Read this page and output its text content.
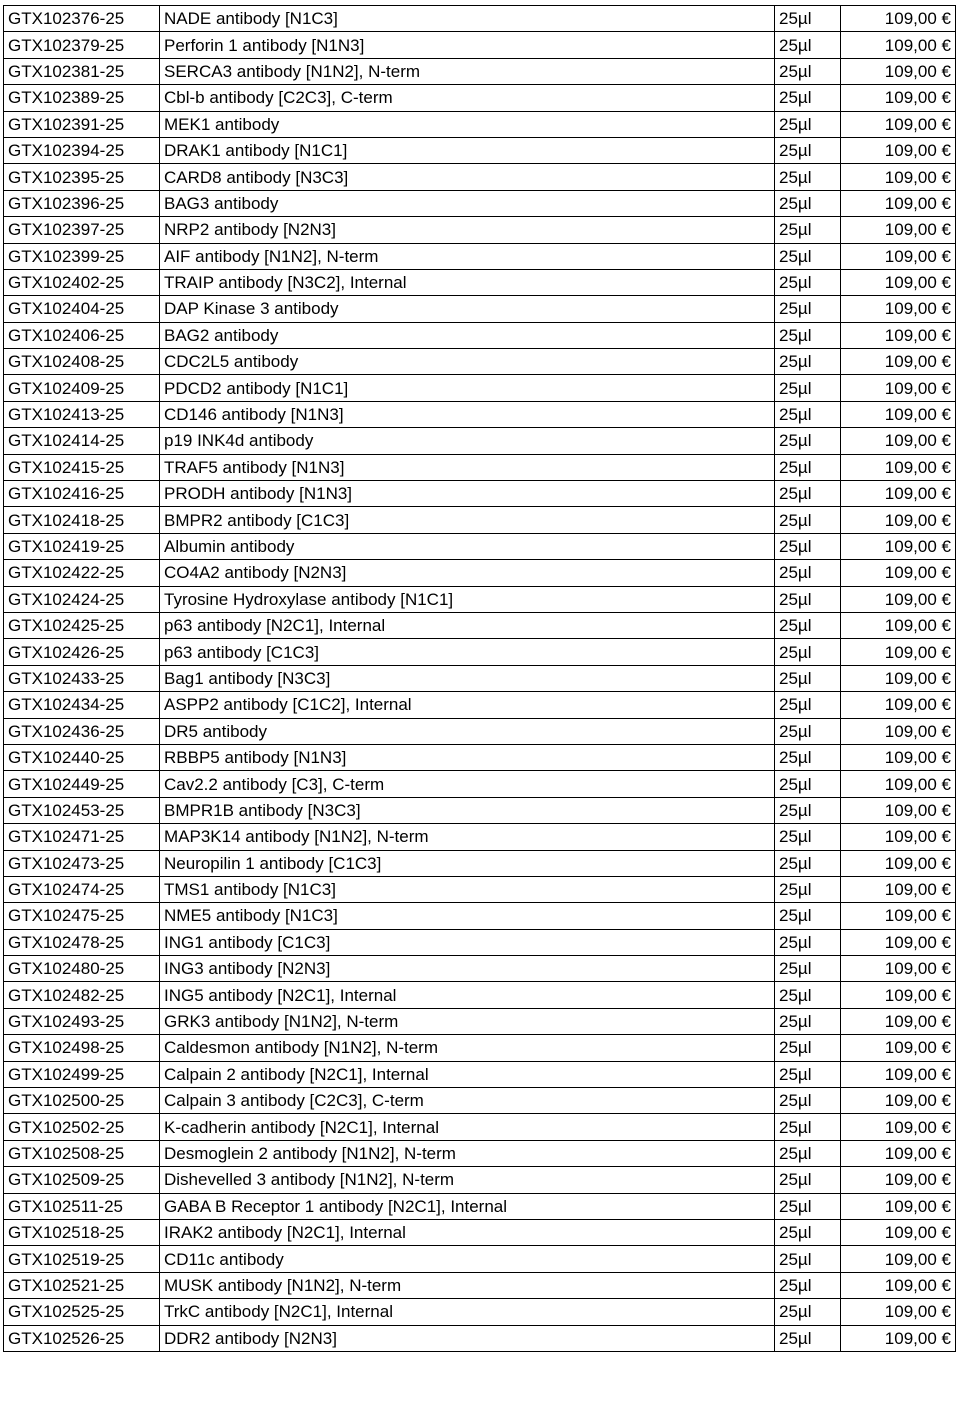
GTX102376-25	NADE antibody [N1C3]	25µl	109,00 €
GTX102379-25	Perforin 1 antibody [N1N3]	25µl	109,00 €
GTX102381-25	SERCA3 antibody [N1N2], N-term	25µl	109,00 €
GTX102389-25	Cbl-b antibody [C2C3], C-term	25µl	109,00 €
GTX102391-25	MEK1 antibody	25µl	109,00 €
GTX102394-25	DRAK1 antibody [N1C1]	25µl	109,00 €
GTX102395-25	CARD8 antibody [N3C3]	25µl	109,00 €
GTX102396-25	BAG3 antibody	25µl	109,00 €
GTX102397-25	NRP2 antibody [N2N3]	25µl	109,00 €
GTX102399-25	AIF antibody [N1N2], N-term	25µl	109,00 €
GTX102402-25	TRAIP antibody [N3C2], Internal	25µl	109,00 €
GTX102404-25	DAP Kinase 3 antibody	25µl	109,00 €
GTX102406-25	BAG2 antibody	25µl	109,00 €
GTX102408-25	CDC2L5 antibody	25µl	109,00 €
GTX102409-25	PDCD2 antibody [N1C1]	25µl	109,00 €
GTX102413-25	CD146 antibody [N1N3]	25µl	109,00 €
GTX102414-25	p19 INK4d antibody	25µl	109,00 €
GTX102415-25	TRAF5 antibody [N1N3]	25µl	109,00 €
GTX102416-25	PRODH antibody [N1N3]	25µl	109,00 €
GTX102418-25	BMPR2 antibody [C1C3]	25µl	109,00 €
GTX102419-25	Albumin antibody	25µl	109,00 €
GTX102422-25	CO4A2 antibody [N2N3]	25µl	109,00 €
GTX102424-25	Tyrosine Hydroxylase antibody [N1C1]	25µl	109,00 €
GTX102425-25	p63 antibody [N2C1], Internal	25µl	109,00 €
GTX102426-25	p63 antibody [C1C3]	25µl	109,00 €
GTX102433-25	Bag1 antibody [N3C3]	25µl	109,00 €
GTX102434-25	ASPP2 antibody [C1C2], Internal	25µl	109,00 €
GTX102436-25	DR5 antibody	25µl	109,00 €
GTX102440-25	RBBP5 antibody [N1N3]	25µl	109,00 €
GTX102449-25	Cav2.2 antibody [C3], C-term	25µl	109,00 €
GTX102453-25	BMPR1B antibody [N3C3]	25µl	109,00 €
GTX102471-25	MAP3K14 antibody [N1N2], N-term	25µl	109,00 €
GTX102473-25	Neuropilin 1 antibody [C1C3]	25µl	109,00 €
GTX102474-25	TMS1 antibody [N1C3]	25µl	109,00 €
GTX102475-25	NME5 antibody [N1C3]	25µl	109,00 €
GTX102478-25	ING1 antibody [C1C3]	25µl	109,00 €
GTX102480-25	ING3 antibody [N2N3]	25µl	109,00 €
GTX102482-25	ING5 antibody [N2C1], Internal	25µl	109,00 €
GTX102493-25	GRK3 antibody [N1N2], N-term	25µl	109,00 €
GTX102498-25	Caldesmon antibody [N1N2], N-term	25µl	109,00 €
GTX102499-25	Calpain 2 antibody [N2C1], Internal	25µl	109,00 €
GTX102500-25	Calpain 3 antibody [C2C3], C-term	25µl	109,00 €
GTX102502-25	K-cadherin antibody [N2C1], Internal	25µl	109,00 €
GTX102508-25	Desmoglein 2 antibody [N1N2], N-term	25µl	109,00 €
GTX102509-25	Dishevelled 3 antibody [N1N2], N-term	25µl	109,00 €
GTX102511-25	GABA B Receptor 1 antibody [N2C1], Internal	25µl	109,00 €
GTX102518-25	IRAK2 antibody [N2C1], Internal	25µl	109,00 €
GTX102519-25	CD11c antibody	25µl	109,00 €
GTX102521-25	MUSK antibody [N1N2], N-term	25µl	109,00 €
GTX102525-25	TrkC antibody [N2C1], Internal	25µl	109,00 €
GTX102526-25	DDR2 antibody [N2N3]	25µl	109,00 €
